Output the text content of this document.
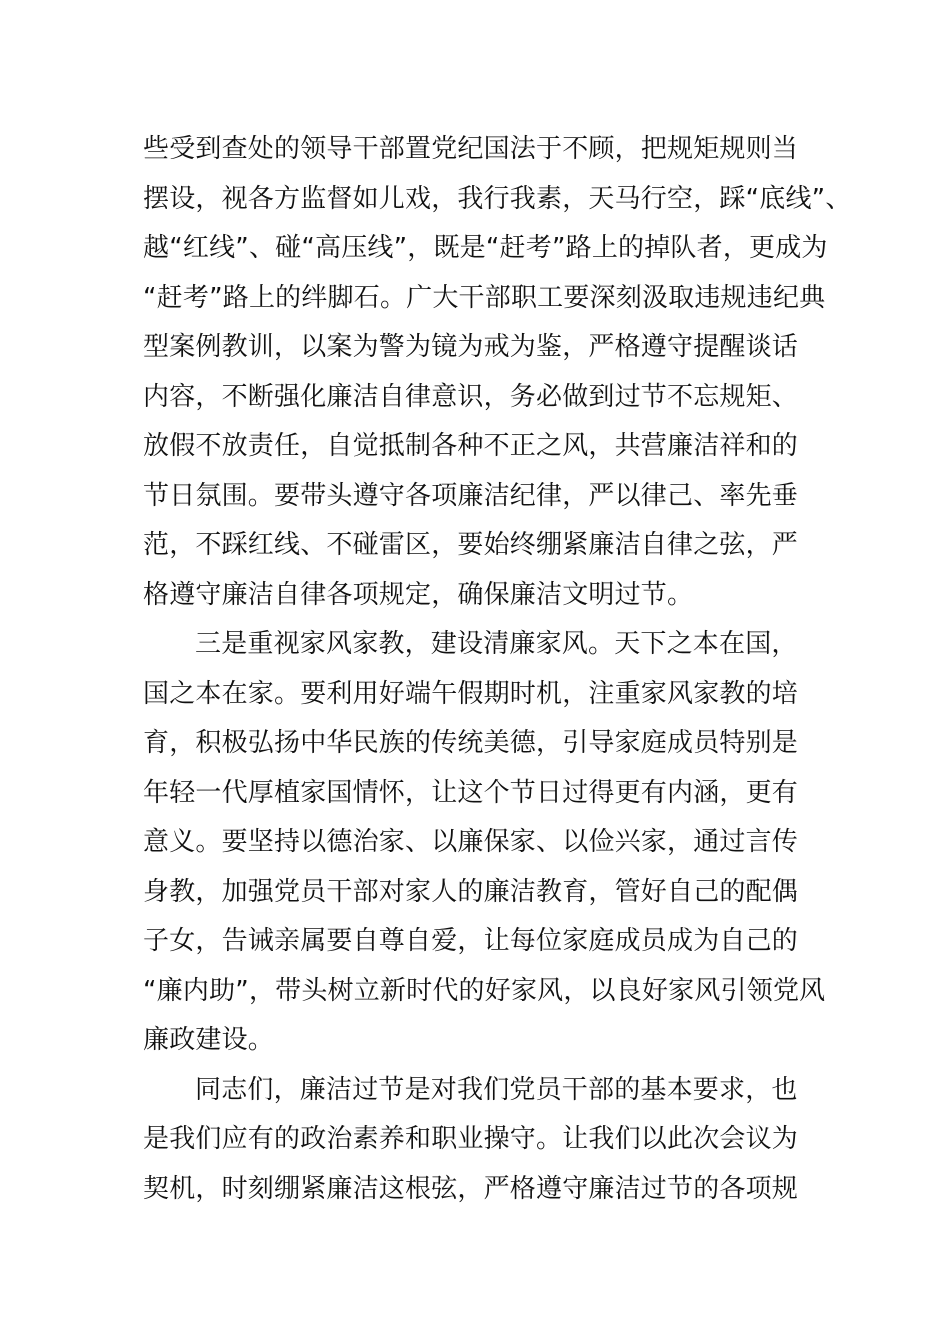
些受到查处的领导干部置党纪国法于不顾，把规矩规则当
摆设，视各方监督如儿戏，我行我素，天马行空，踩“底线”、
越“红线”、碰“高压线”，既是“赶考”路上的掉队者，更成为
“赶考”路上的绊脚石。广大干部职工要深刻汲取违规违纪典
型案例教训，以案为警为镜为戒为鉴，严格遵守提醒谈话
内容，不断强化廉洁自律意识，务必做到过节不忘规矩、
放假不放责任，自觉抵制各种不正之风，共营廉洁祥和的
节日氛围。要带头遵守各项廉洁纪律，严以律己、率先垂
范，不踩红线、不碰雷区，要始终绷紧廉洁自律之弦，严
格遵守廉洁自律各项规定，确保廉洁文明过节。
三是重视家风家教，建设清廉家风。天下之本在国，
国之本在家。要利用好端午假期时机，注重家风家教的培
育，积极弘扬中华民族的传统美德，引导家庭成员特别是
年轻一代厚植家国情怀，让这个节日过得更有内涵，更有
意义。要坚持以德治家、以廉保家、以俭兴家，通过言传
身教，加强党员干部对家人的廉洁教育，管好自己的配偶
子女，告诫亲属要自尊自爱，让每位家庭成员成为自己的
“廉内助”，带头树立新时代的好家风，以良好家风引领党风
廉政建设。
同志们，廉洁过节是对我们党员干部的基本要求，也
是我们应有的政治素养和职业操守。让我们以此次会议为
契机，时刻绷紧廉洁这根弦，严格遵守廉洁过节的各项规
